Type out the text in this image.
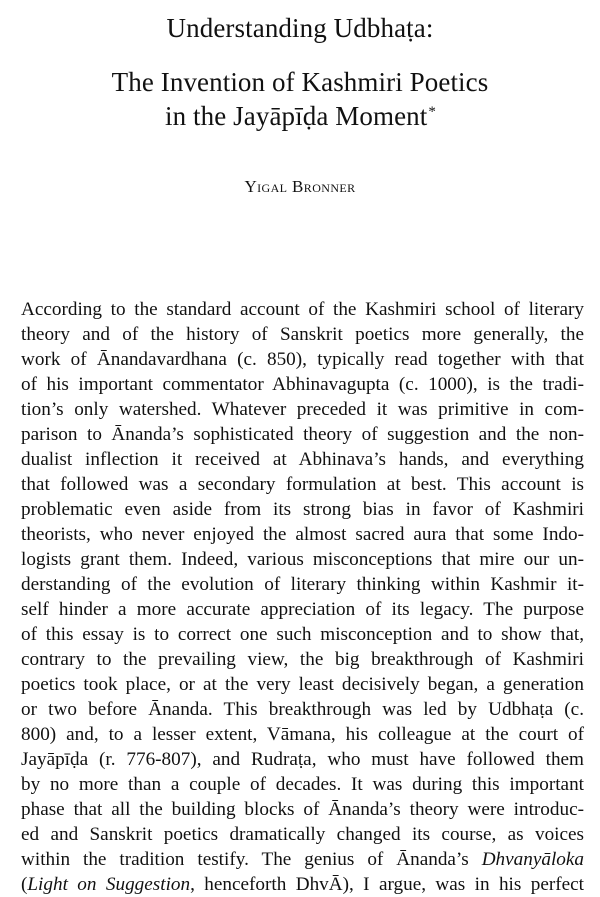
Understanding Udbhaṭa:
The Invention of Kashmiri Poetics
in the Jayāpīḍa Moment*
Yigal Bronner
According to the standard account of the Kashmiri school of literary
theory and of the history of Sanskrit poetics more generally, the
work of Ānandavardhana (c. 850), typically read together with that
of his important commentator Abhinavagupta (c. 1000), is the tradi-
tion’s only watershed. Whatever preceded it was primitive in com-
parison to Ānanda’s sophisticated theory of suggestion and the non-
dualist inflection it received at Abhinava’s hands, and everything
that followed was a secondary formulation at best. This account is
problematic even aside from its strong bias in favor of Kashmiri
theorists, who never enjoyed the almost sacred aura that some Indo-
logists grant them. Indeed, various misconceptions that mire our un-
derstanding of the evolution of literary thinking within Kashmir it-
self hinder a more accurate appreciation of its legacy. The purpose
of this essay is to correct one such misconception and to show that,
contrary to the prevailing view, the big breakthrough of Kashmiri
poetics took place, or at the very least decisively began, a generation
or two before Ānanda. This breakthrough was led by Udbhaṭa (c.
800) and, to a lesser extent, Vāmana, his colleague at the court of
Jayāpīḍa (r. 776-807), and Rudraṭa, who must have followed them
by no more than a couple of decades. It was during this important
phase that all the building blocks of Ānanda’s theory were introduc-
ed and Sanskrit poetics dramatically changed its course, as voices
within the tradition testify. The genius of Ānanda’s Dhvanyāloka
(Light on Suggestion, henceforth DhvĀ), I argue, was in his perfect
